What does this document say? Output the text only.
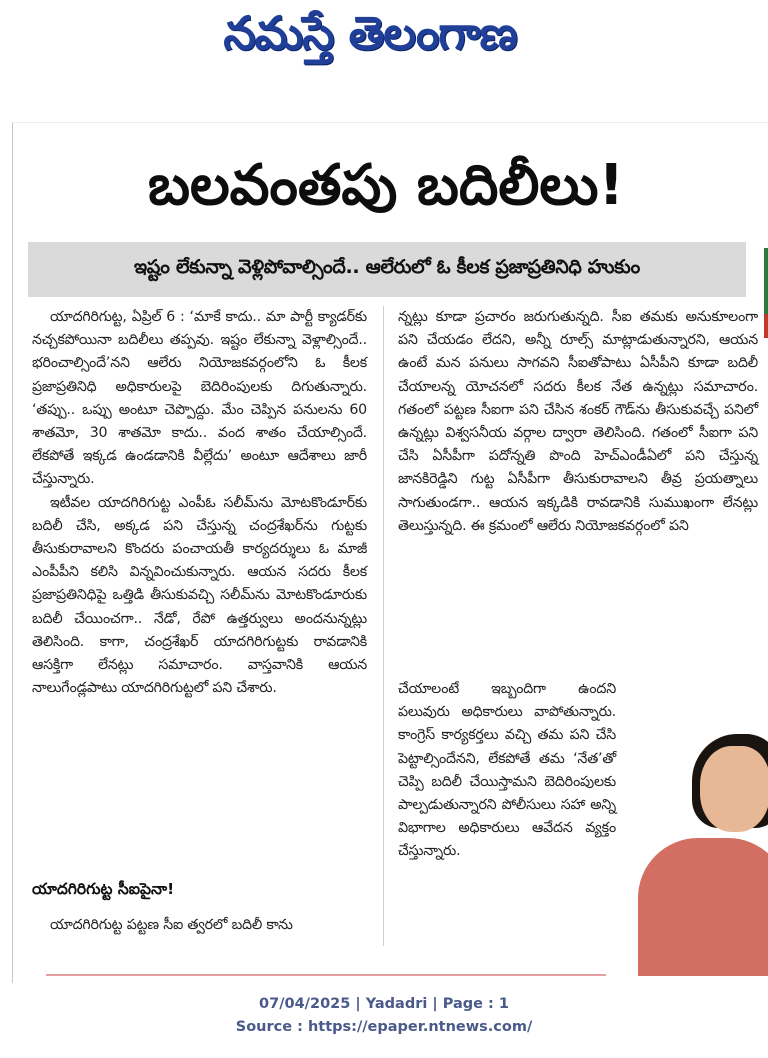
నమస్తే తెలంగాణ
బలవంతపు బదిలీలు!
ఇష్టం లేకున్నా వెళ్లిపోవాల్సిందే.. ఆలేరులో ఓ కీలక ప్రజాప్రతినిధి హుకుం

యాదగిరిగుట్ట, ఏప్రిల్ 6 : ‘మాకే కాదు.. మా పార్టీ క్యాడర్‌కు నచ్చకపోయినా బదిలీలు తప్పవు. ఇష్టం లేకున్నా వెళ్లాల్సిందే.. భరించాల్సిందే’నని ఆలేరు నియోజకవర్గంలోని ఓ కీలక ప్రజాప్రతినిధి అధికారులపై బెదిరింపులకు దిగుతున్నారు. ‘తప్పు.. ఒప్పు అంటూ చెప్పొద్దు. మేం చెప్పిన పనులను 60 శాతమో, 30 శాతమో కాదు.. వంద శాతం చేయాల్సిందే. లేకపోతే ఇక్కడ ఉండడానికి వీల్లేదు’ అంటూ ఆదేశాలు జారీ చేస్తున్నారు.

ఇటీవల యాదగిరిగుట్ట ఎంపీఓ సలీమ్‌ను మోటకొండూర్‌కు బదిలీ చేసి, అక్కడ పని చేస్తున్న చంద్రశేఖర్‌ను గుట్టకు తీసుకురావాలని కొందరు పంచాయతీ కార్యదర్శులు ఓ మాజీ ఎంపీపీని కలిసి విన్నవించుకున్నారు. ఆయన సదరు కీలక ప్రజాప్రతినిధిపై ఒత్తిడి తీసుకువచ్చి సలీమ్‌ను మోటకొండూరుకు బదిలీ చేయించగా.. నేడో, రేపో ఉత్తర్వులు అందనున్నట్లు తెలిసింది. కాగా, చంద్రశేఖర్ యాదగిరిగుట్టకు రావడానికి ఆసక్తిగా లేనట్లు సమాచారం. వాస్తవానికి ఆయన నాలుగేండ్లపాటు యాదగిరిగుట్టలో పని చేశారు.

యాదగిరిగుట్ట సీఐపైనా!
యాదగిరిగుట్ట పట్టణ సీఐ త్వరలో బదిలీ కాను

న్నట్లు కూడా ప్రచారం జరుగుతున్నది. సీఐ తమకు అనుకూలంగా పని చేయడం లేదని, అన్నీ రూల్స్ మాట్లాడుతున్నారని, ఆయన ఉంటే మన పనులు సాగవని సీఐతోపాటు ఏసీపీని కూడా బదిలీ చేయాలన్న యోచనలో సదరు కీలక నేత ఉన్నట్లు సమాచారం. గతంలో పట్టణ సీఐగా పని చేసిన శంకర్ గౌడ్‌ను తీసుకువచ్చే పనిలో ఉన్నట్లు విశ్వసనీయ వర్గాల ద్వారా తెలిసింది. గతంలో సీఐగా పని చేసి ఏసీపీగా పదోన్నతి పొంది హెచ్ఎండీఏలో పని చేస్తున్న జానకిరెడ్డిని గుట్ట ఏసీపీగా తీసుకురావాలని తీవ్ర ప్రయత్నాలు సాగుతుండగా.. ఆయన ఇక్కడికి రావడానికి సుముఖంగా లేనట్లు తెలుస్తున్నది. ఈ క్రమంలో ఆలేరు నియోజకవర్గంలో పని

చేయాలంటే ఇబ్బందిగా ఉందని పలువురు అధికారులు వాపోతున్నారు. కాంగ్రెస్ కార్యకర్తలు వచ్చి తమ పని చేసి పెట్టాల్సిందేనని, లేకపోతే తమ ‘నేత’తో చెప్పి బదిలీ చేయిస్తామని బెదిరింపులకు పాల్పడుతున్నారని పోలీసులు సహా అన్ని విభాగాల అధికారులు ఆవేదన వ్యక్తం చేస్తున్నారు.

07/04/2025 | Yadadri | Page : 1
Source : https://epaper.ntnews.com/
